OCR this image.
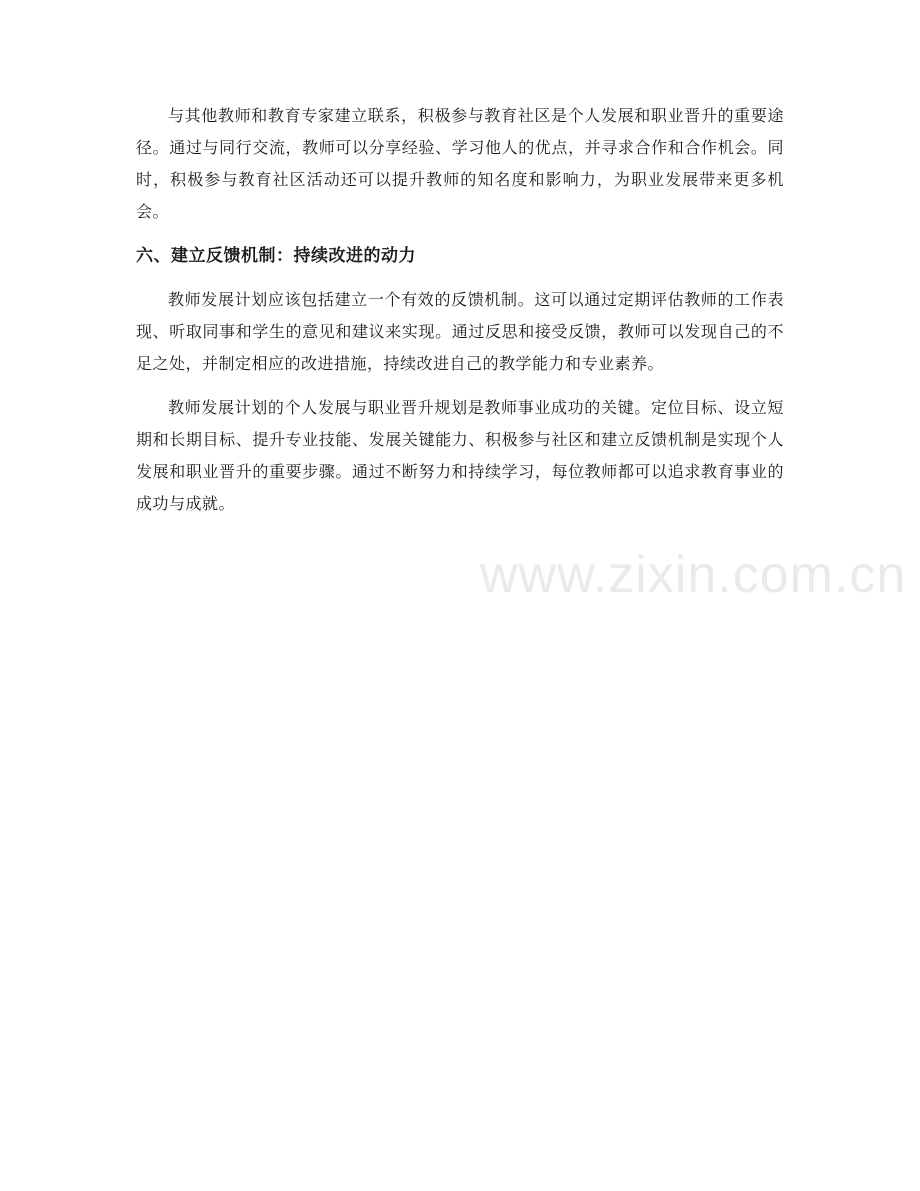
与其他教师和教育专家建立联系，积极参与教育社区是个人发展和职业晋升的重要途径。通过与同行交流，教师可以分享经验、学习他人的优点，并寻求合作和合作机会。同时，积极参与教育社区活动还可以提升教师的知名度和影响力，为职业发展带来更多机会。

六、建立反馈机制：持续改进的动力

教师发展计划应该包括建立一个有效的反馈机制。这可以通过定期评估教师的工作表现、听取同事和学生的意见和建议来实现。通过反思和接受反馈，教师可以发现自己的不足之处，并制定相应的改进措施，持续改进自己的教学能力和专业素养。

教师发展计划的个人发展与职业晋升规划是教师事业成功的关键。定位目标、设立短期和长期目标、提升专业技能、发展关键能力、积极参与社区和建立反馈机制是实现个人发展和职业晋升的重要步骤。通过不断努力和持续学习，每位教师都可以追求教育事业的成功与成就。

www.zixin.com.cn
